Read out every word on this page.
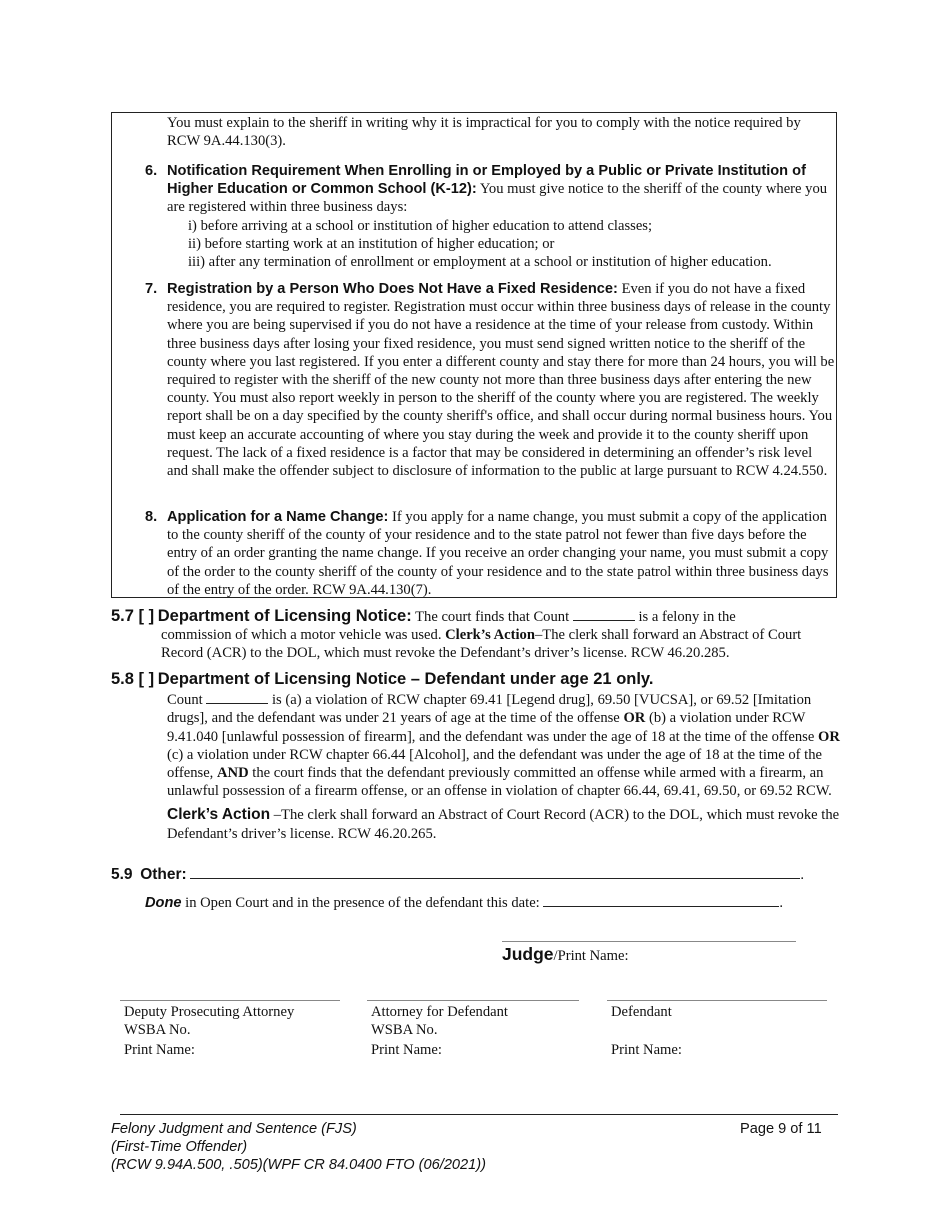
You must explain to the sheriff in writing why it is impractical for you to comply with the notice required by RCW 9A.44.130(3).
6. Notification Requirement When Enrolling in or Employed by a Public or Private Institution of Higher Education or Common School (K-12): You must give notice to the sheriff of the county where you are registered within three business days:
i) before arriving at a school or institution of higher education to attend classes;
ii) before starting work at an institution of higher education; or
iii) after any termination of enrollment or employment at a school or institution of higher education.
7. Registration by a Person Who Does Not Have a Fixed Residence: Even if you do not have a fixed residence, you are required to register. Registration must occur within three business days of release in the county where you are being supervised if you do not have a residence at the time of your release from custody. Within three business days after losing your fixed residence, you must send signed written notice to the sheriff of the county where you last registered. If you enter a different county and stay there for more than 24 hours, you will be required to register with the sheriff of the new county not more than three business days after entering the new county. You must also report weekly in person to the sheriff of the county where you are registered. The weekly report shall be on a day specified by the county sheriff's office, and shall occur during normal business hours. You must keep an accurate accounting of where you stay during the week and provide it to the county sheriff upon request. The lack of a fixed residence is a factor that may be considered in determining an offender’s risk level and shall make the offender subject to disclosure of information to the public at large pursuant to RCW 4.24.550.
8. Application for a Name Change: If you apply for a name change, you must submit a copy of the application to the county sheriff of the county of your residence and to the state patrol not fewer than five days before the entry of an order granting the name change. If you receive an order changing your name, you must submit a copy of the order to the county sheriff of the county of your residence and to the state patrol within three business days of the entry of the order. RCW 9A.44.130(7).
5.7 [ ] Department of Licensing Notice: The court finds that Count	is a felony in the
commission of which a motor vehicle was used. Clerk’s Action–The clerk shall forward an Abstract of Court Record (ACR) to the DOL, which must revoke the Defendant’s driver’s license. RCW 46.20.285.
5.8 [ ] Department of Licensing Notice – Defendant under age 21 only.
Count	is (a) a violation of RCW chapter 69.41 [Legend drug], 69.50 [VUCSA], or 69.52 [Imitation drugs], and the defendant was under 21 years of age at the time of the offense OR (b) a violation under RCW 9.41.040 [unlawful possession of firearm], and the defendant was under the age of 18 at the time of the offense OR (c) a violation under RCW chapter 66.44 [Alcohol], and the defendant was under the age of 18 at the time of the offense, AND the court finds that the defendant previously committed an offense while armed with a firearm, an unlawful possession of a firearm offense, or an offense in violation of chapter 66.44, 69.41, 69.50, or 69.52 RCW.
Clerk’s Action –The clerk shall forward an Abstract of Court Record (ACR) to the DOL, which must revoke the Defendant’s driver’s license. RCW 46.20.265.
5.9 Other:	.
Done in Open Court and in the presence of the defendant this date:	.
Judge/Print Name:
Deputy Prosecuting Attorney
WSBA No.
Print Name:
Attorney for Defendant
WSBA No.
Print Name:
Defendant
Print Name:
Felony Judgment and Sentence (FJS)
(First-Time Offender)
(RCW 9.94A.500, .505)(WPF CR 84.0400 FTO (06/2021))
Page 9 of 11
